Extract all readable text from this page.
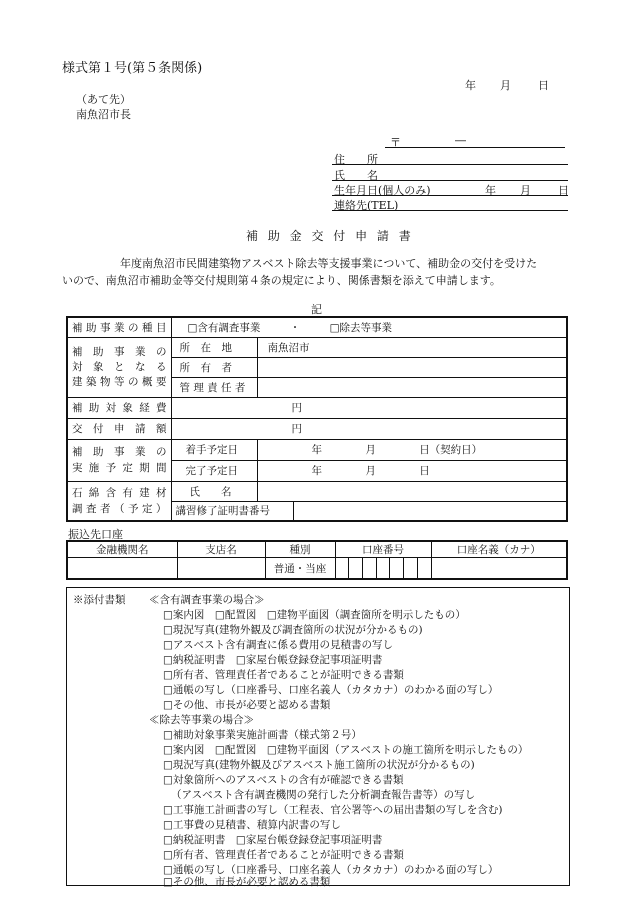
様式第１号(第５条関係)
年 月 日
（あて先）
南魚沼市長
〒	―
住　　所
氏　　名
生年月日(個人のみ)	年 月 日
連絡先(TEL)
補 助 金 交 付 申 請 書
年度南魚沼市民間建築物アスベスト除去等支援事業について、補助金の交付を受けた
いので、南魚沼市補助金等交付規則第４条の規定により、関係書類を添えて申請します。
記
補助事業の種目	□含有調査事業 ・ □除去等事業		

補 助 事 業 の
対 象 と な る
建築物等の概要	所　在　地	南魚沼市	
	所　有　者		
	管 理 責 任 者		
補助対象経費	円		
交 付 申 請 額	円		

補 助 事 業 の
実施予定期間	着手予定日	年 月 日（契約日）	
	完了予定日	年 月 日	

石綿含有建材
調査者（予定）	氏　　名		
	講習修了証明書番号		
振込先口座
金融機関名	支店名	種別	口座番号	口座名義（カナ）
		普通・当座	

※添付書類 ≪含有調査事業の場合≫
□案内図　□配置図　□建物平面図（調査箇所を明示したもの）
□現況写真(建物外観及び調査箇所の状況が分かるもの)
□アスベスト含有調査に係る費用の見積書の写し
□納税証明書　□家屋台帳登録登記事項証明書
□所有者、管理責任者であることが証明できる書類
□通帳の写し（口座番号、口座名義人（カタカナ）のわかる面の写し）
□その他、市長が必要と認める書類
≪除去等事業の場合≫
□補助対象事業実施計画書（様式第２号）
□案内図　□配置図　□建物平面図（アスベストの施工箇所を明示したもの）
□現況写真(建物外観及びアスベスト施工箇所の状況が分かるもの)
□対象箇所へのアスベストの含有が確認できる書類
（アスベスト含有調査機関の発行した分析調査報告書等）の写し
□工事施工計画書の写し（工程表、官公署等への届出書類の写しを含む)
□工事費の見積書、積算内訳書の写し
□納税証明書　□家屋台帳登録登記事項証明書
□所有者、管理責任者であることが証明できる書類
□通帳の写し（口座番号、口座名義人（カタカナ）のわかる面の写し）
□その他、市長が必要と認める書類
